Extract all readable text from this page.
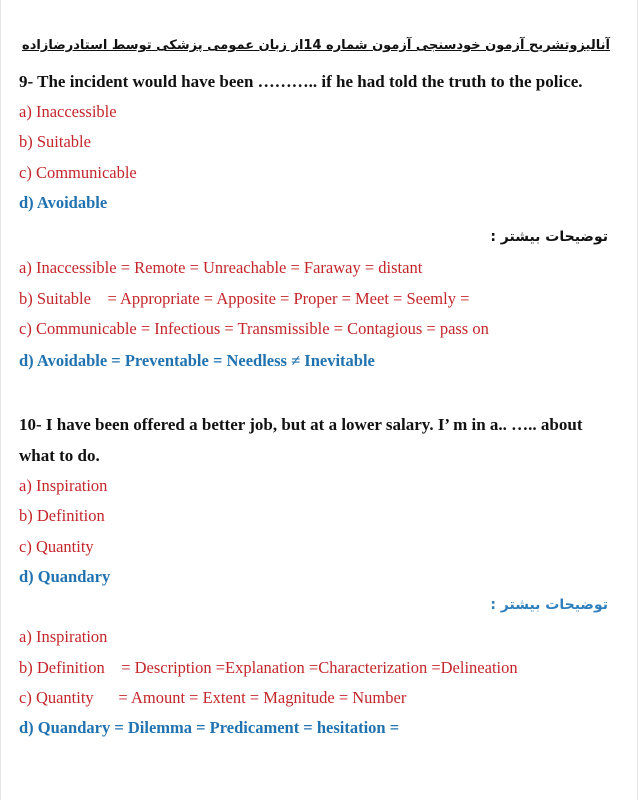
آنالیزوتشریح آزمون خودسنجی آزمون شماره 14از زبان عمومی پزشکی توسط استادرضازاده
9- The incident would have been ……….. if he had told the truth to the police.
a) Inaccessible
b) Suitable
c) Communicable
d) Avoidable
توضیحات بیشتر :
a) Inaccessible = Remote = Unreachable = Faraway = distant
b) Suitable    = Appropriate = Apposite = Proper = Meet = Seemly =
c) Communicable = Infectious = Transmissible = Contagious = pass on
d) Avoidable = Preventable = Needless ≠ Inevitable
10- I have been offered a better job, but at a lower salary. I’ m in a.. ….. about
what to do.
a) Inspiration
b) Definition
c) Quantity
d) Quandary
توضیحات بیشتر :
a) Inspiration
b) Definition    = Description =Explanation =Characterization =Delineation
c) Quantity      = Amount = Extent = Magnitude = Number
d) Quandary = Dilemma = Predicament = hesitation =
